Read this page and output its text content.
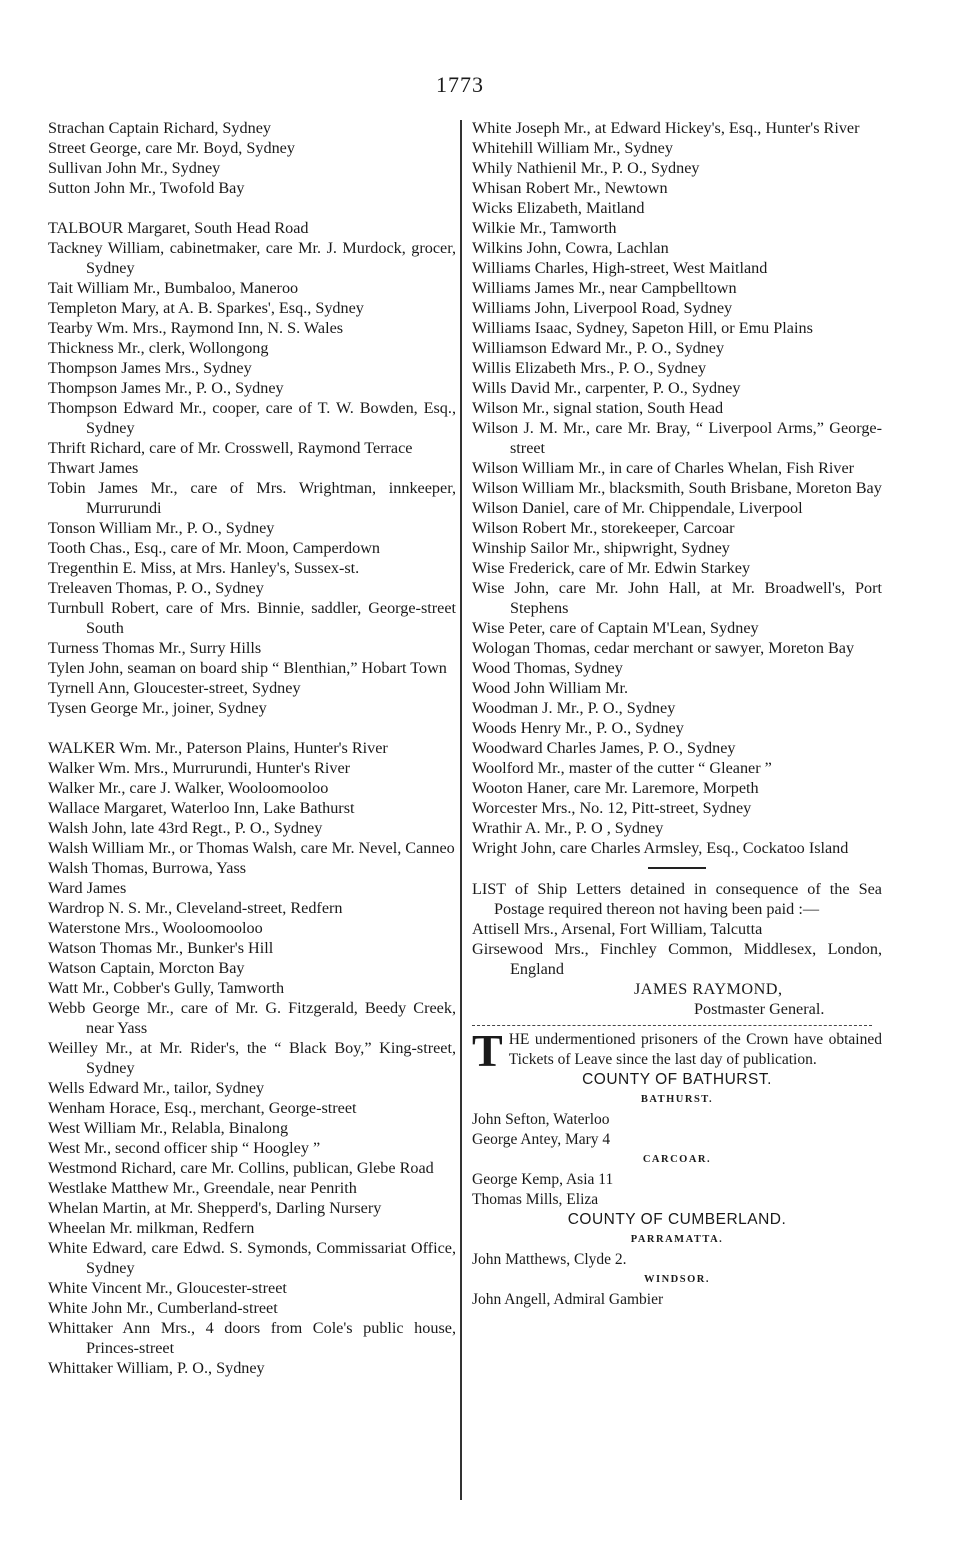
1773

Strachan Captain Richard, Sydney

Street George, care Mr. Boyd, Sydney

Sullivan John Mr., Sydney

Sutton John Mr., Twofold Bay

TALBOUR Margaret, South Head Road

Tackney William, cabinetmaker, care Mr. J. Murdock, grocer, Sydney

Tait William Mr., Bumbaloo, Maneroo

Templeton Mary, at A. B. Sparkes', Esq., Sydney

Tearby Wm. Mrs., Raymond Inn, N. S. Wales

Thickness Mr., clerk, Wollongong

Thompson James Mrs., Sydney

Thompson James Mr., P. O., Sydney

Thompson Edward Mr., cooper, care of T. W. Bowden, Esq., Sydney

Thrift Richard, care of Mr. Crosswell, Raymond Terrace

Thwart James

Tobin James Mr., care of Mrs. Wrightman, innkeeper, Murrurundi

Tonson William Mr., P. O., Sydney

Tooth Chas., Esq., care of Mr. Moon, Camperdown

Tregenthin E. Miss, at Mrs. Hanley's, Sussex-st.

Treleaven Thomas, P. O., Sydney

Turnbull Robert, care of Mrs. Binnie, saddler, George-street South

Turness Thomas Mr., Surry Hills

Tylen John, seaman on board ship “ Blenthian,” Hobart Town

Tyrnell Ann, Gloucester-street, Sydney

Tysen George Mr., joiner, Sydney

WALKER Wm. Mr., Paterson Plains, Hunter's River

Walker Wm. Mrs., Murrurundi, Hunter's River

Walker Mr., care J. Walker, Wooloomooloo

Wallace Margaret, Waterloo Inn, Lake Bathurst

Walsh John, late 43rd Regt., P. O., Sydney

Walsh William Mr., or Thomas Walsh, care Mr. Nevel, Canneo

Walsh Thomas, Burrowa, Yass

Ward James

Wardrop N. S. Mr., Cleveland-street, Redfern

Waterstone Mrs., Wooloomooloo

Watson Thomas Mr., Bunker's Hill

Watson Captain, Morcton Bay

Watt Mr., Cobber's Gully, Tamworth

Webb George Mr., care of Mr. G. Fitzgerald, Beedy Creek, near Yass

Weilley Mr., at Mr. Rider's, the “ Black Boy,” King-street, Sydney

Wells Edward Mr., tailor, Sydney

Wenham Horace, Esq., merchant, George-street

West William Mr., Relabla, Binalong

West Mr., second officer ship “ Hoogley ”

Westmond Richard, care Mr. Collins, publican, Glebe Road

Westlake Matthew Mr., Greendale, near Penrith

Whelan Martin, at Mr. Shepperd's, Darling Nursery

Wheelan Mr. milkman, Redfern

White Edward, care Edwd. S. Symonds, Commissariat Office, Sydney

White Vincent Mr., Gloucester-street

White John Mr., Cumberland-street

Whittaker Ann Mrs., 4 doors from Cole's public house, Princes-street

Whittaker William, P. O., Sydney

White Joseph Mr., at Edward Hickey's, Esq., Hunter's River

Whitehill William Mr., Sydney

Whily Nathienil Mr., P. O., Sydney

Whisan Robert Mr., Newtown

Wicks Elizabeth, Maitland

Wilkie Mr., Tamworth

Wilkins John, Cowra, Lachlan

Williams Charles, High-street, West Maitland

Williams James Mr., near Campbelltown

Williams John, Liverpool Road, Sydney

Williams Isaac, Sydney, Sapeton Hill, or Emu Plains

Williamson Edward Mr., P. O., Sydney

Willis Elizabeth Mrs., P. O., Sydney

Wills David Mr., carpenter, P. O., Sydney

Wilson Mr., signal station, South Head

Wilson J. M. Mr., care Mr. Bray, “ Liverpool Arms,” George-street

Wilson William Mr., in care of Charles Whelan, Fish River

Wilson William Mr., blacksmith, South Brisbane, Moreton Bay

Wilson Daniel, care of Mr. Chippendale, Liverpool

Wilson Robert Mr., storekeeper, Carcoar

Winship Sailor Mr., shipwright, Sydney

Wise Frederick, care of Mr. Edwin Starkey

Wise John, care Mr. John Hall, at Mr. Broadwell's, Port Stephens

Wise Peter, care of Captain M'Lean, Sydney

Wologan Thomas, cedar merchant or sawyer, Moreton Bay

Wood Thomas, Sydney

Wood John William Mr.

Woodman J. Mr., P. O., Sydney

Woods Henry Mr., P. O., Sydney

Woodward Charles James, P. O., Sydney

Woolford Mr., master of the cutter “ Gleaner ”

Wooton Haner, care Mr. Laremore, Morpeth

Worcester Mrs., No. 12, Pitt-street, Sydney

Wrathir A. Mr., P. O , Sydney

Wright John, care Charles Armsley, Esq., Cockatoo Island

LIST of Ship Letters detained in consequence of the Sea Postage required thereon not having been paid :—

Attisell Mrs., Arsenal, Fort William, Talcutta

Girsewood Mrs., Finchley Common, Middlesex, London, England

JAMES RAYMOND,
Postmaster General.

THE undermentioned prisoners of the Crown have obtained Tickets of Leave since the last day of publication.

COUNTY OF BATHURST.
BATHURST.
John Sefton, Waterloo
George Antey, Mary 4
CARCOAR.
George Kemp, Asia 11
Thomas Mills, Eliza
COUNTY OF CUMBERLAND.
PARRAMATTA.
John Matthews, Clyde 2.
WINDSOR.
John Angell, Admiral Gambier
